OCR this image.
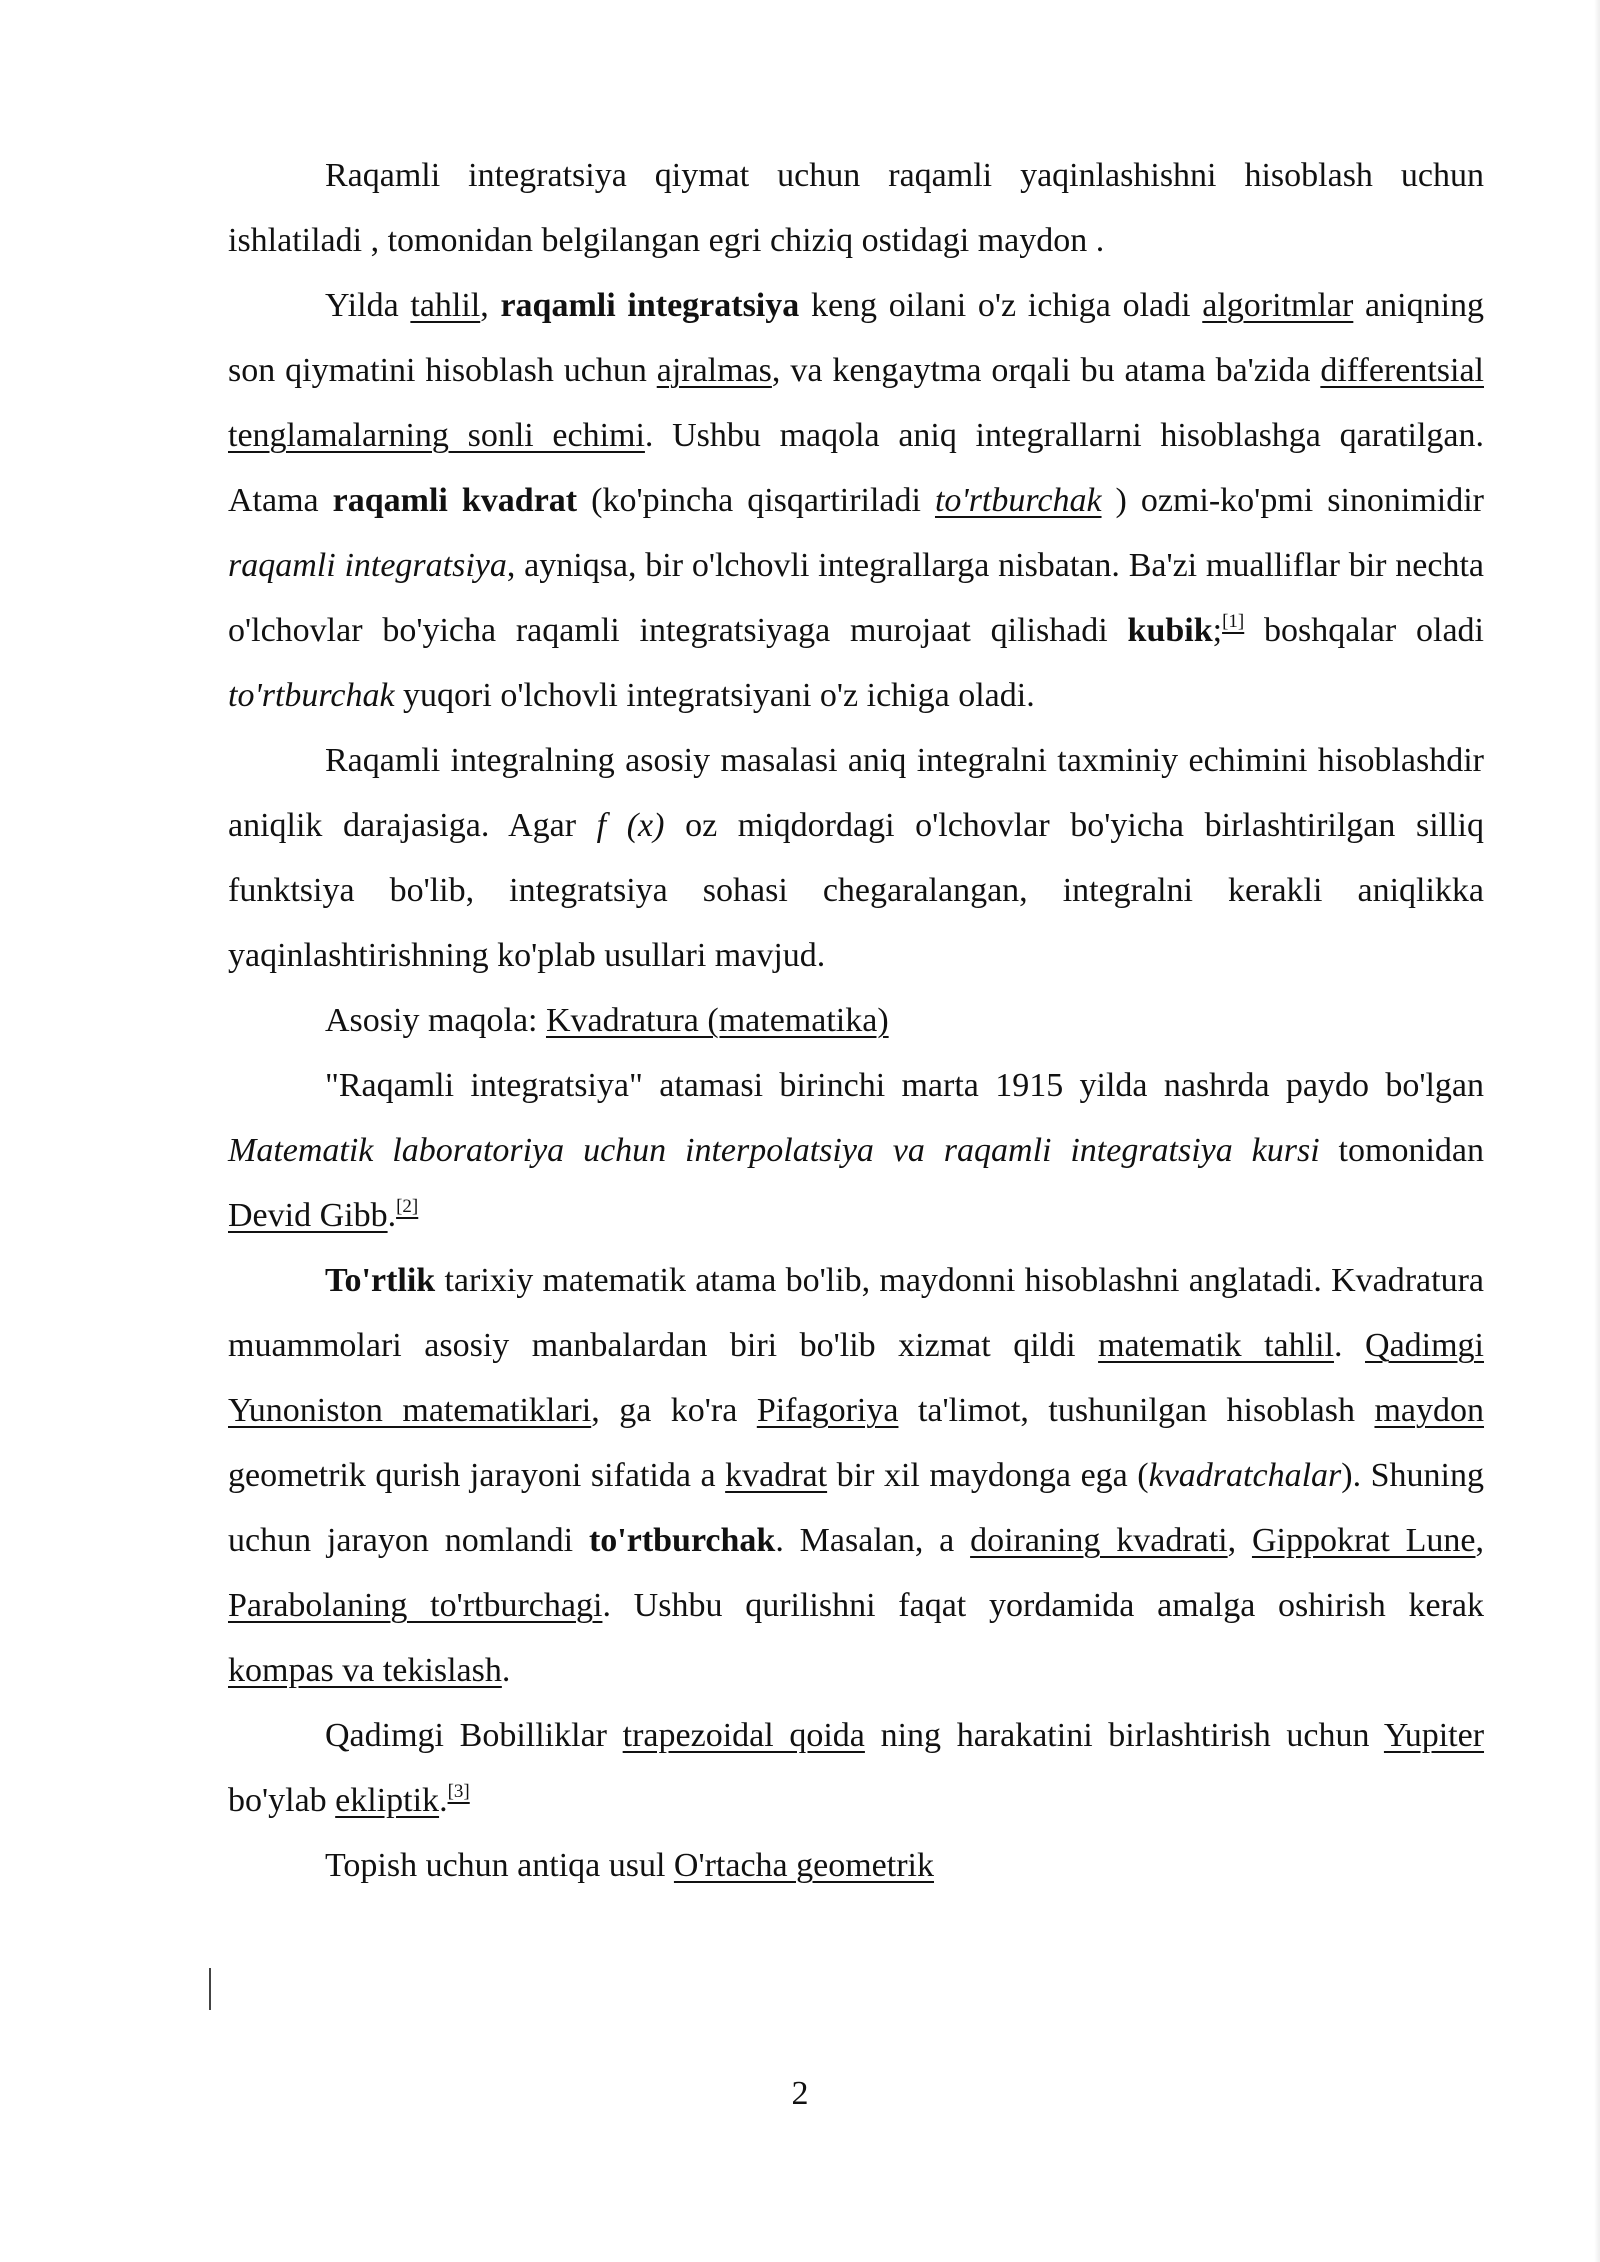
Raqamli integratsiya qiymat uchun raqamli yaqinlashishni hisoblash uchun ishlatiladi , tomonidan belgilangan egri chiziq ostidagi maydon .

Yilda tahlil, raqamli integratsiya keng oilani o'z ichiga oladi algoritmlar aniqning son qiymatini hisoblash uchun ajralmas, va kengaytma orqali bu atama ba'zida differentsial tenglamalarning sonli echimi. Ushbu maqola aniq integrallarni hisoblashga qaratilgan. Atama raqamli kvadrat (ko'pincha qisqartiriladi to'rtburchak ) ozmi-ko'pmi sinonimidir raqamli integratsiya, ayniqsa, bir o'lchovli integrallarga nisbatan. Ba'zi mualliflar bir nechta o'lchovlar bo'yicha raqamli integratsiyaga murojaat qilishadi kubik;[1] boshqalar oladi to'rtburchak yuqori o'lchovli integratsiyani o'z ichiga oladi.

Raqamli integralning asosiy masalasi aniq integralni taxminiy echimini hisoblashdir aniqlik darajasiga. Agar f (x) oz miqdordagi o'lchovlar bo'yicha birlashtirilgan silliq funktsiya bo'lib, integratsiya sohasi chegaralangan, integralni kerakli aniqlikka yaqinlashtirishning ko'plab usullari mavjud.

Asosiy maqola: Kvadratura (matematika)

"Raqamli integratsiya" atamasi birinchi marta 1915 yilda nashrda paydo bo'lgan Matematik laboratoriya uchun interpolatsiya va raqamli integratsiya kursi tomonidan Devid Gibb.[2]

To'rtlik tarixiy matematik atama bo'lib, maydonni hisoblashni anglatadi. Kvadratura muammolari asosiy manbalardan biri bo'lib xizmat qildi matematik tahlil. Qadimgi Yunoniston matematiklari, ga ko'ra Pifagoriya ta'limot, tushunilgan hisoblash maydon geometrik qurish jarayoni sifatida a kvadrat bir xil maydonga ega (kvadratchalar). Shuning uchun jarayon nomlandi to'rtburchak. Masalan, a doiraning kvadrati, Gippokrat Lune, Parabolaning to'rtburchagi. Ushbu qurilishni faqat yordamida amalga oshirish kerak kompas va tekislash.

Qadimgi Bobilliklar trapezoidal qoida ning harakatini birlashtirish uchun Yupiter bo'ylab ekliptik.[3]

Topish uchun antiqa usul O'rtacha geometrik

2
